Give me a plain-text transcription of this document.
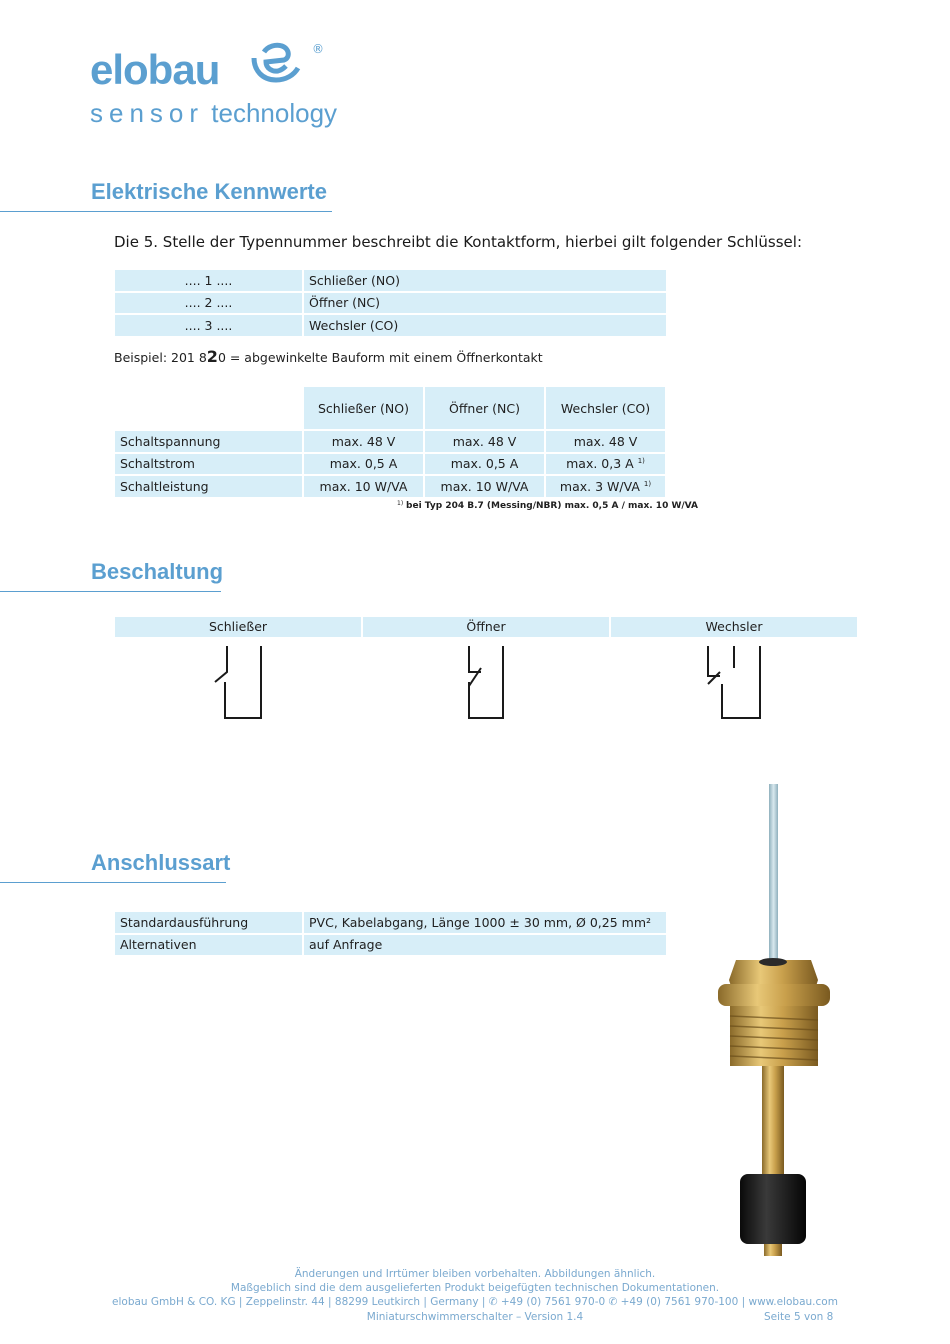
elobau	®
sensor technology
Elektrische Kennwerte
Die 5. Stelle der Typennummer beschreibt die Kontaktform, hierbei gilt folgender Schlüssel:
.... 1 ....	Schließer (NO)
.... 2 ....	Öffner (NC)
.... 3 ....	Wechsler (CO)
Beispiel: 201 820 = abgewinkelte Bauform mit einem Öffnerkontakt
	Schließer (NO)	Öffner (NC)	Wechsler (CO)
Schaltspannung	max. 48 V	max. 48 V	max. 48 V
Schaltstrom	max. 0,5 A	max. 0,5 A	max. 0,3 A $^{1)}$
Schaltleistung	max. 10 W/VA	max. 10 W/VA	max. 3 W/VA $^{1)}$
$^{1)}$ bei Typ 204 B.7 (Messing/NBR) max. 0,5 A / max. 10 W/VA
Beschaltung
Schließer	Öffner	Wechsler
Anschlussart
Standardausführung	PVC, Kabelabgang, Länge 1000 ± 30 mm, Ø 0,25 mm²
Alternativen	auf Anfrage
Änderungen und Irrtümer bleiben vorbehalten. Abbildungen ähnlich.
Maßgeblich sind die dem ausgelieferten Produkt beigefügten technischen Dokumentationen.
elobau GmbH & CO. KG | Zeppelinstr. 44 | 88299 Leutkirch | Germany | ✆ +49 (0) 7561 970-0 ✆ +49 (0) 7561 970-100 | www.elobau.com
Miniaturschwimmerschalter – Version 1.4	Seite 5 von 8
